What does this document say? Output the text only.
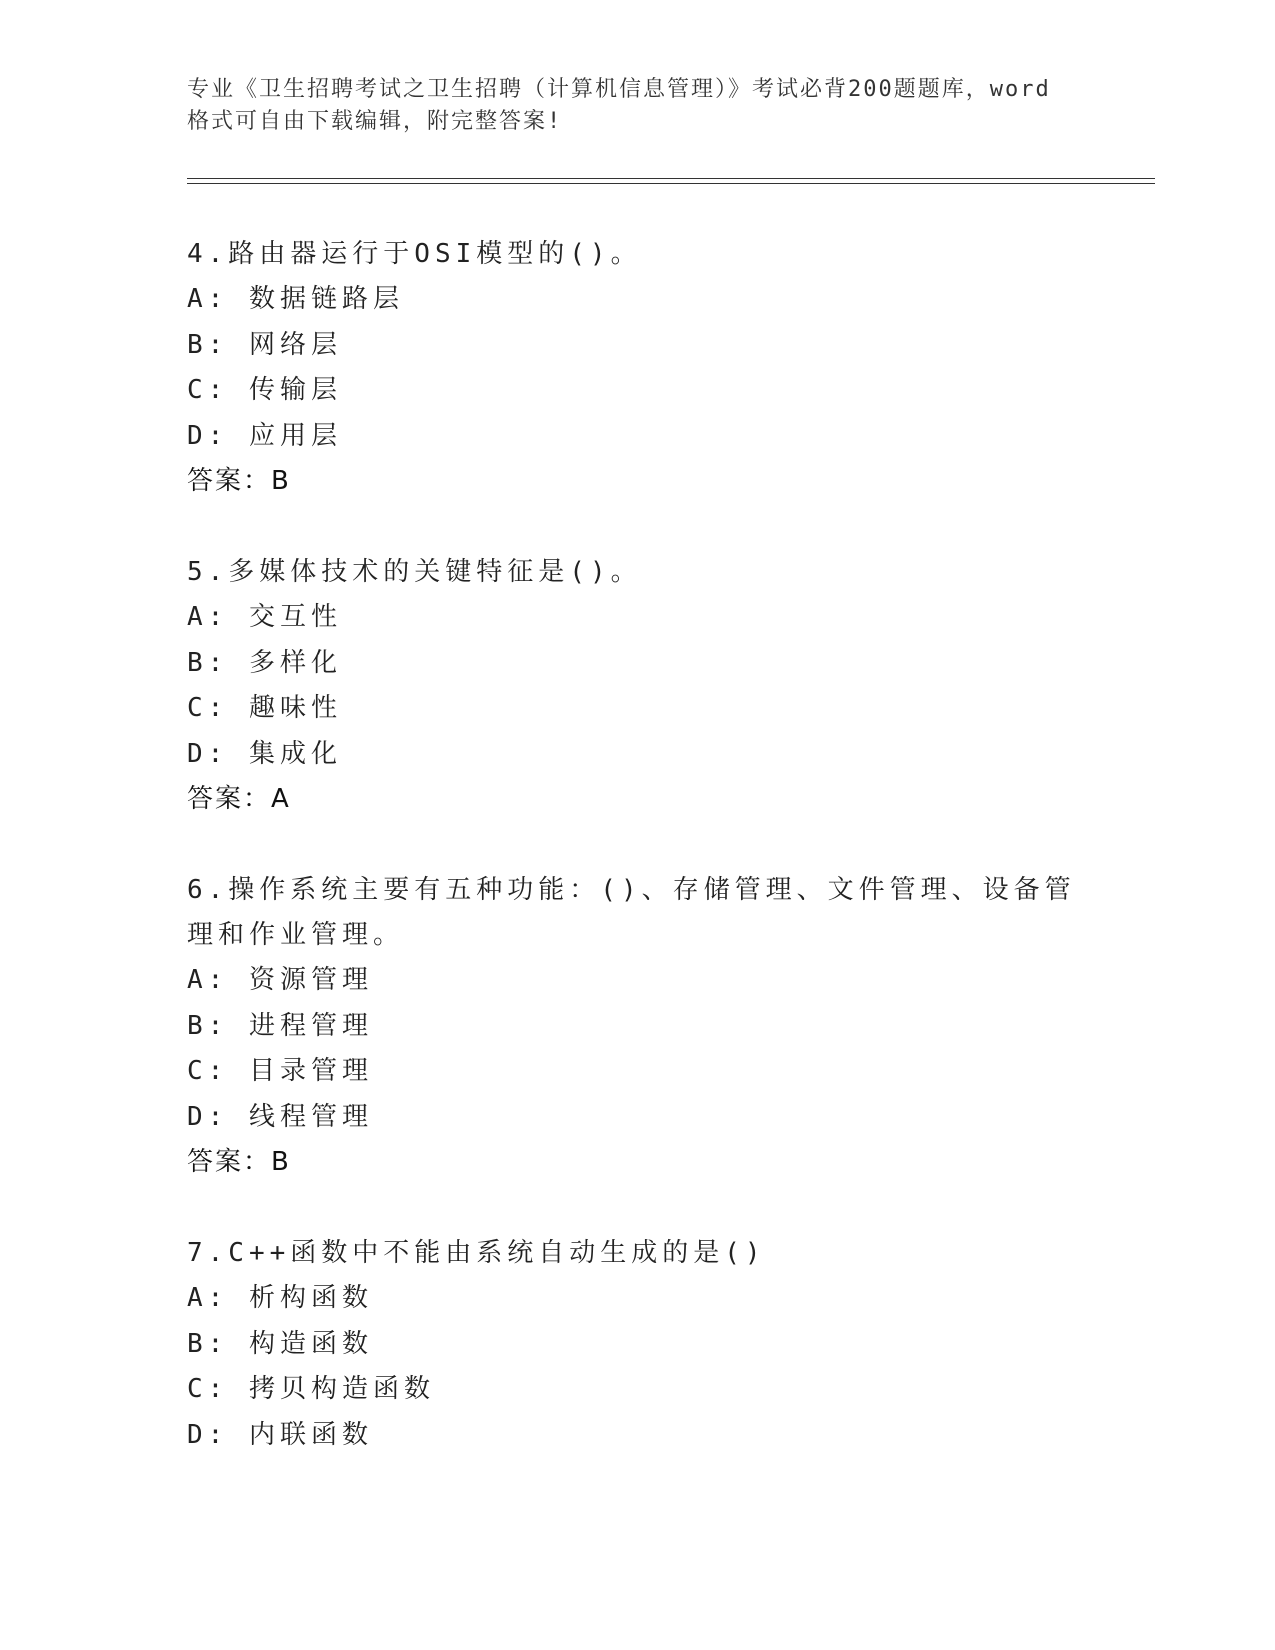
专业《卫生招聘考试之卫生招聘（计算机信息管理）》考试必背200题题库，word
格式可自由下载编辑，附完整答案!
4.路由器运行于OSI模型的()。
A: 数据链路层
B: 网络层
C: 传输层
D: 应用层
答案：B
5.多媒体技术的关键特征是()。
A: 交互性
B: 多样化
C: 趣味性
D: 集成化
答案：A
6.操作系统主要有五种功能：()、存储管理、文件管理、设备管理和作业管理。
A: 资源管理
B: 进程管理
C: 目录管理
D: 线程管理
答案：B
7.C++函数中不能由系统自动生成的是()
A: 析构函数
B: 构造函数
C: 拷贝构造函数
D: 内联函数
